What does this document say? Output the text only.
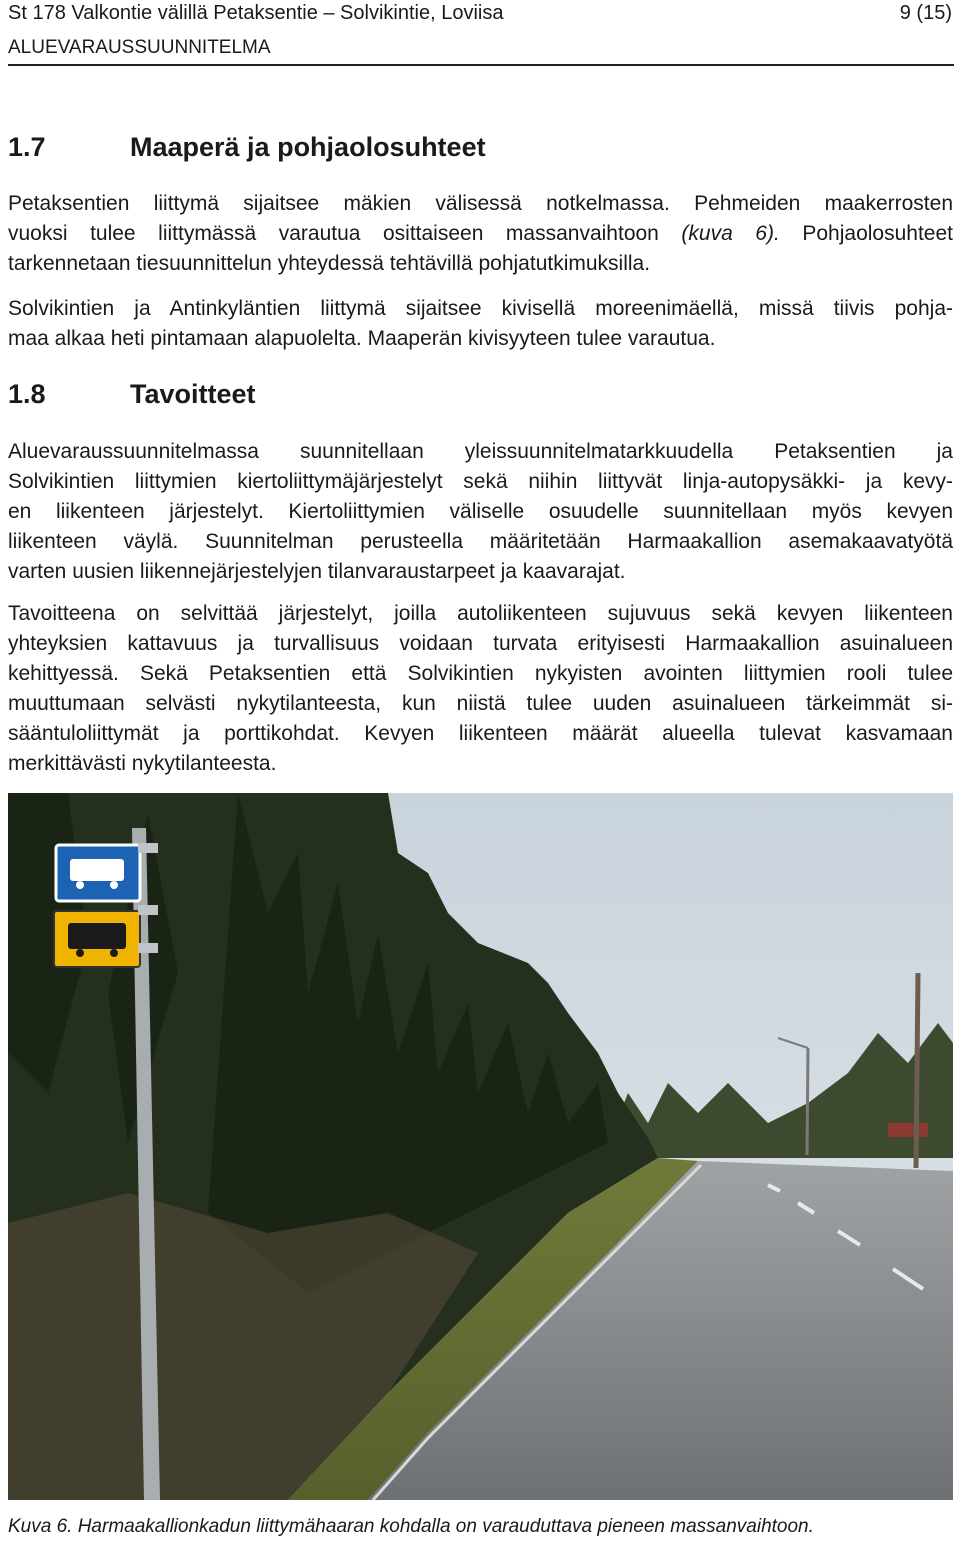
St 178 Valkontie välillä Petaksentie – Solvikintie, Loviisa	9 (15)
ALUEVARAUSSUUNNITELMA
1.7	Maaperä ja pohjaolosuhteet
Petaksentien liittymä sijaitsee mäkien välisessä notkelmassa. Pehmeiden maakerrosten
vuoksi tulee liittymässä varautua osittaiseen massanvaihtoon (kuva 6). Pohjaolosuhteet
tarkennetaan tiesuunnittelun yhteydessä tehtävillä pohjatutkimuksilla.
Solvikintien ja Antinkyläntien liittymä sijaitsee kivisellä moreenimäellä, missä tiivis pohja-
maa alkaa heti pintamaan alapuolelta. Maaperän kivisyyteen tulee varautua.
1.8	Tavoitteet
Aluevaraussuunnitelmassa suunnitellaan yleissuunnitelmatarkkuudella Petaksentien ja
Solvikintien liittymien kiertoliittymäjärjestelyt sekä niihin liittyvät linja-autopysäkki- ja kevy-
en liikenteen järjestelyt. Kiertoliittymien väliselle osuudelle suunnitellaan myös kevyen
liikenteen väylä. Suunnitelman perusteella määritetään Harmaakallion asemakaavatyötä
varten uusien liikennejärjestelyjen tilanvaraustarpeet ja kaavarajat.
Tavoitteena on selvittää järjestelyt, joilla autoliikenteen sujuvuus sekä kevyen liikenteen
yhteyksien kattavuus ja turvallisuus voidaan turvata erityisesti Harmaakallion asuinalueen
kehittyessä. Sekä Petaksentien että Solvikintien nykyisten avointen liittymien rooli tulee
muuttumaan selvästi nykytilanteesta, kun niistä tulee uuden asuinalueen tärkeimmät si-
sääntuloliittymät ja porttikohdat. Kevyen liikenteen määrät alueella tulevat kasvamaan
merkittävästi nykytilanteesta.
Kuva 6. Harmaakallionkadun liittymähaaran kohdalla on varauduttava pieneen massanvaihtoon.
